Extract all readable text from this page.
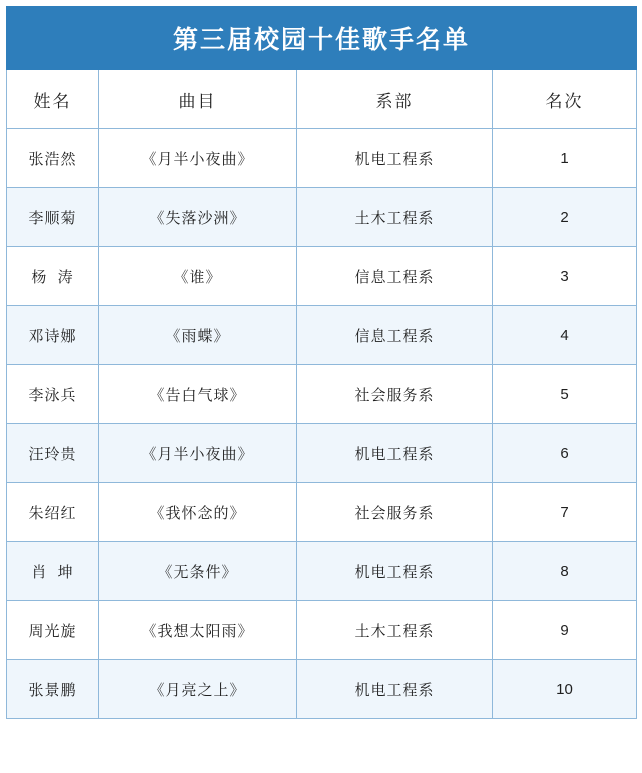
第三届校园十佳歌手名单			
姓名	曲目	系部	名次
张浩然	《月半小夜曲》	机电工程系	1
李顺菊	《失落沙洲》	土木工程系	2
杨  涛	《谁》	信息工程系	3
邓诗娜	《雨蝶》	信息工程系	4
李泳兵	《告白气球》	社会服务系	5
汪玲贵	《月半小夜曲》	机电工程系	6
朱绍红	《我怀念的》	社会服务系	7
肖  坤	《无条件》	机电工程系	8
周光旋	《我想太阳雨》	土木工程系	9
张景鹏	《月亮之上》	机电工程系	10
